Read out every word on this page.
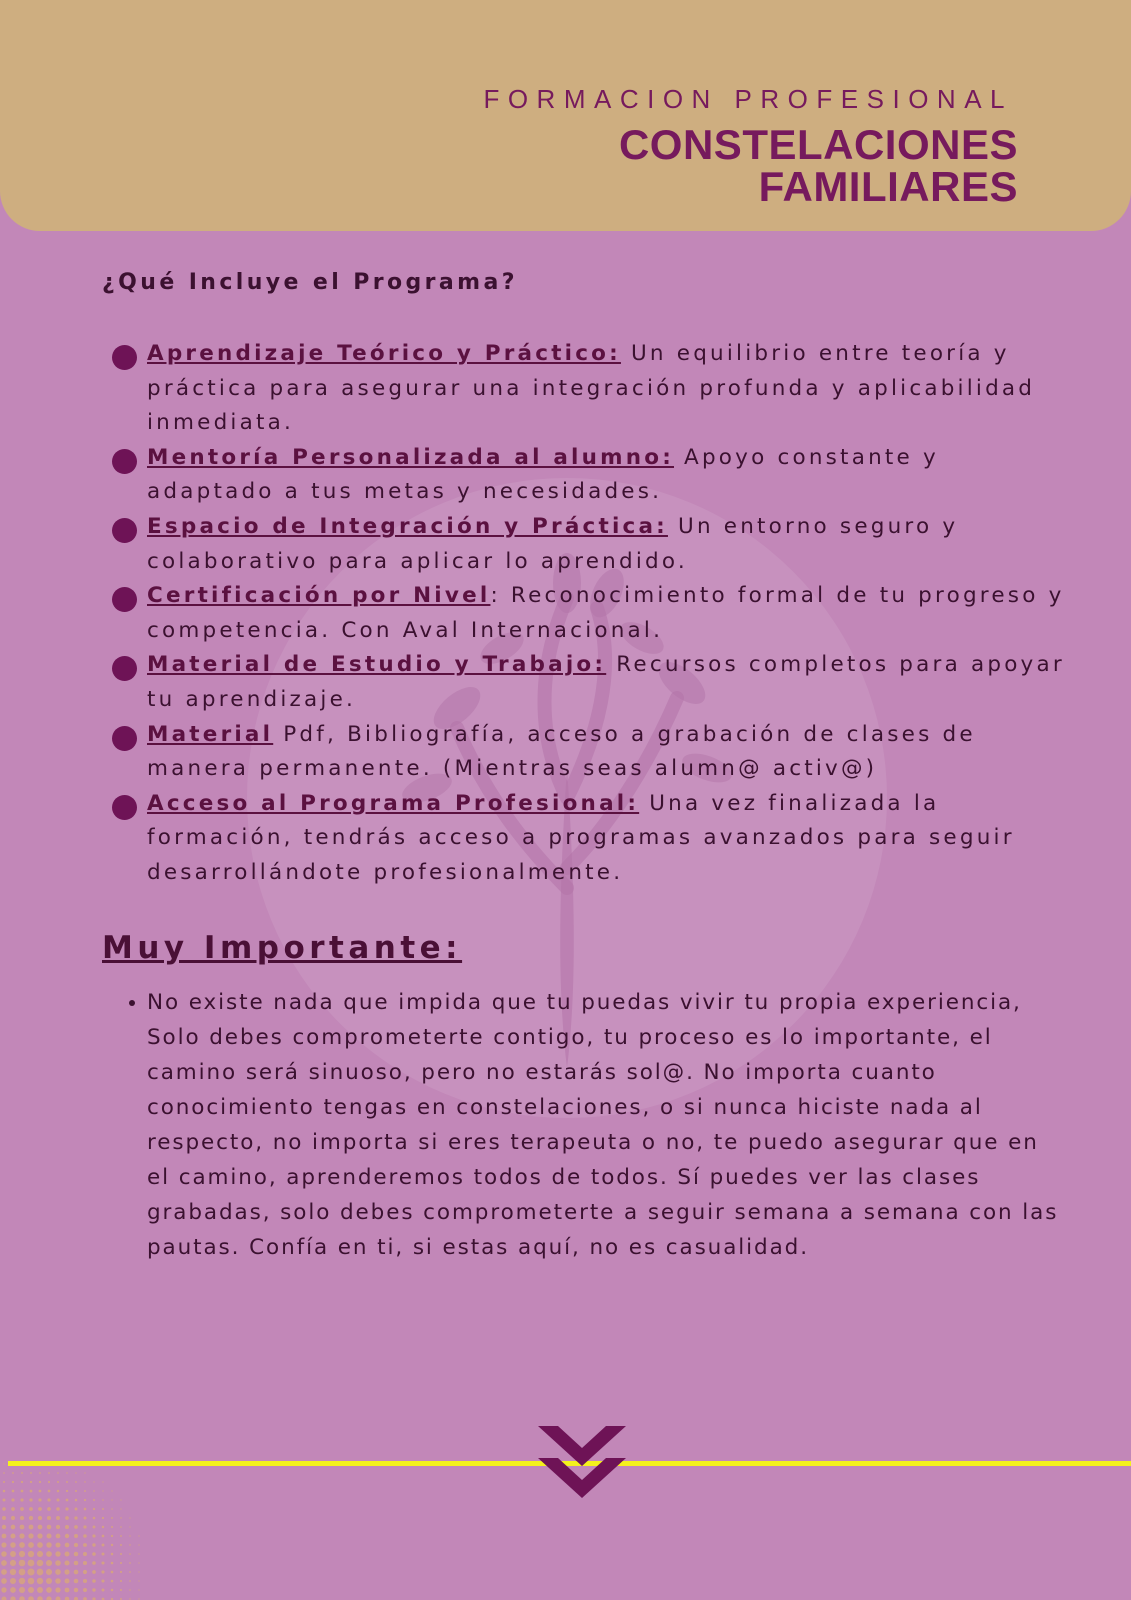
FORMACION PROFESIONAL
CONSTELACIONES
FAMILIARES
¿Qué Incluye el Programa?
Aprendizaje Teórico y Práctico: Un equilibrio entre teoría y práctica para asegurar una integración profunda y aplicabilidad inmediata.
Mentoría Personalizada al alumno: Apoyo constante y adaptado a tus metas y necesidades.
Espacio de Integración y Práctica: Un entorno seguro y colaborativo para aplicar lo aprendido.
Certificación por Nivel: Reconocimiento formal de tu progreso y competencia. Con Aval Internacional.
Material de Estudio y Trabajo: Recursos completos para apoyar tu aprendizaje.
Material Pdf, Bibliografía, acceso a grabación de clases de manera permanente. (Mientras seas alumn@ activ@)
Acceso al Programa Profesional: Una vez finalizada la formación, tendrás acceso a programas avanzados para seguir desarrollándote profesionalmente.
Muy Importante:
No existe nada que impida que tu puedas vivir tu propia experiencia, Solo debes comprometerte contigo, tu proceso es lo importante, el camino será sinuoso, pero no estarás sol@. No importa cuanto conocimiento tengas en constelaciones, o si nunca hiciste nada al respecto, no importa si eres terapeuta o no, te puedo asegurar que en el camino, aprenderemos todos de todos. Sí puedes ver las clases grabadas, solo debes comprometerte a seguir semana a semana con las pautas. Confía en ti, si estas aquí, no es casualidad.
